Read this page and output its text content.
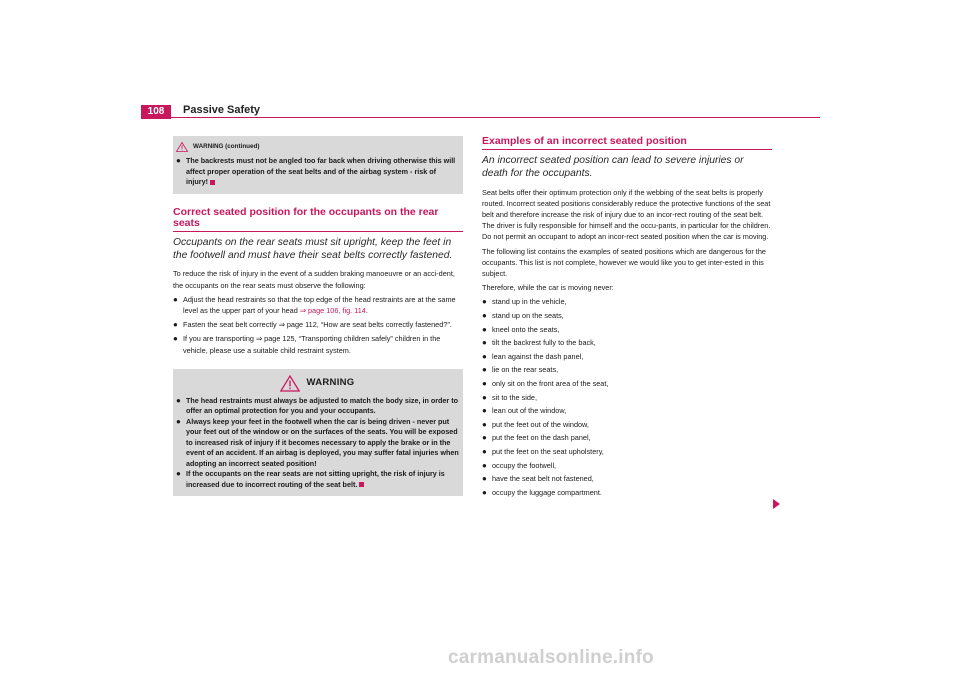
108	Passive Safety
WARNING (continued)
● The backrests must not be angled too far back when driving otherwise this will affect proper operation of the seat belts and of the airbag system - risk of injury!
Correct seated position for the occupants on the rear seats
Occupants on the rear seats must sit upright, keep the feet in the footwell and must have their seat belts correctly fastened.

To reduce the risk of injury in the event of a sudden braking manoeuvre or an acci-dent, the occupants on the rear seats must observe the following:

● Adjust the head restraints so that the top edge of the head restraints are at the same level as the upper part of your head ⇒ page 106, fig. 114.
● Fasten the seat belt correctly ⇒ page 112, “How are seat belts correctly fastened?”.
● If you are transporting ⇒ page 125, “Transporting children safely” children in the vehicle, please use a suitable child restraint system.
WARNING
● The head restraints must always be adjusted to match the body size, in order to offer an optimal protection for you and your occupants.
● Always keep your feet in the footwell when the car is being driven - never put your feet out of the window or on the surfaces of the seats. You will be exposed to increased risk of injury if it becomes necessary to apply the brake or in the event of an accident. If an airbag is deployed, you may suffer fatal injuries when adopting an incorrect seated position!
● If the occupants on the rear seats are not sitting upright, the risk of injury is increased due to incorrect routing of the seat belt.
Examples of an incorrect seated position
An incorrect seated position can lead to severe injuries or death for the occupants.

Seat belts offer their optimum protection only if the webbing of the seat belts is properly routed. Incorrect seated positions considerably reduce the protective functions of the seat belt and therefore increase the risk of injury due to an incor-rect routing of the seat belt. The driver is fully responsible for himself and the occu-pants, in particular for the children. Do not permit an occupant to adopt an incor-rect seated position when the car is moving.

The following list contains the examples of seated positions which are dangerous for the occupants. This list is not complete, however we would like you to get inter-ested in this subject.

Therefore, while the car is moving never:

● stand up in the vehicle,
● stand up on the seats,
● kneel onto the seats,
● tilt the backrest fully to the back,
● lean against the dash panel,
● lie on the rear seats,
● only sit on the front area of the seat,
● sit to the side,
● lean out of the window,
● put the feet out of the window,
● put the feet on the dash panel,
● put the feet on the seat upholstery,
● occupy the footwell,
● have the seat belt not fastened,
● occupy the luggage compartment.
carmanualsonline.info
